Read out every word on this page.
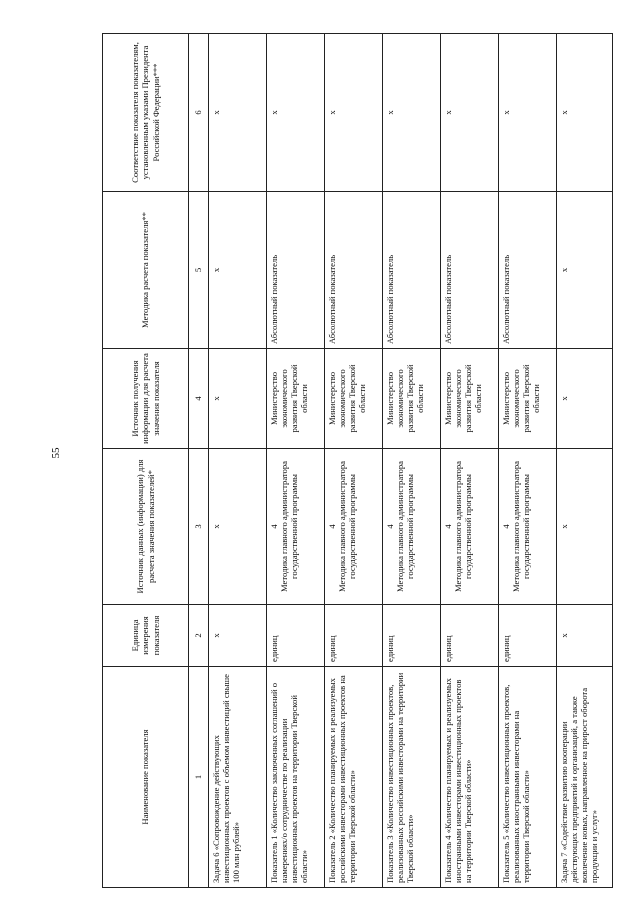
55
Наименование показателя	Единица измерения показателя	Источник данных (информации) для расчета значения показателей*	Источник получения информации для расчета значения показателя	Методика расчета показателя**	Соответствие показателя показателям, установленным указами Президента Российской Федерации***
1	2	3	4	5	6
Задача 6 «Сопровождение действующих инвестиционных проектов с объемом инвестиций свыше 100 млн рублей»	x	x	x	x	x
Показатель 1 «Количество заключенных соглашений о намерениях/о сотрудничестве по реализации инвестиционных проектов на территории Тверской области»	единиц	4 Методика главного администратора государственной программы	Министерство экономического развития Тверской области	Абсолютный показатель	x
Показатель 2 «Количество планируемых и реализуемых российскими инвесторами инвестиционных проектов на территории Тверской области»	единиц	4 Методика главного администратора государственной программы	Министерство экономического развития Тверской области	Абсолютный показатель	x
Показатель 3 «Количество инвестиционных проектов, реализованных российскими инвесторами на территории Тверской области»	единиц	4 Методика главного администратора государственной программы	Министерство экономического развития Тверской области	Абсолютный показатель	x
Показатель 4 «Количество планируемых и реализуемых иностранными инвесторами инвестиционных проектов на территории Тверской области»	единиц	4 Методика главного администратора государственной программы	Министерство экономического развития Тверской области	Абсолютный показатель	x
Показатель 5 «Количество инвестиционных проектов, реализованных иностранными инвесторами на территории Тверской области»	единиц	4 Методика главного администратора государственной программы	Министерство экономического развития Тверской области	Абсолютный показатель	x
Задача 7 «Содействие развитию кооперации действующих предприятий и организаций, а также вовлечение новых, направленное на прирост оборота продукции и услуг»	x	x	x	x	x
